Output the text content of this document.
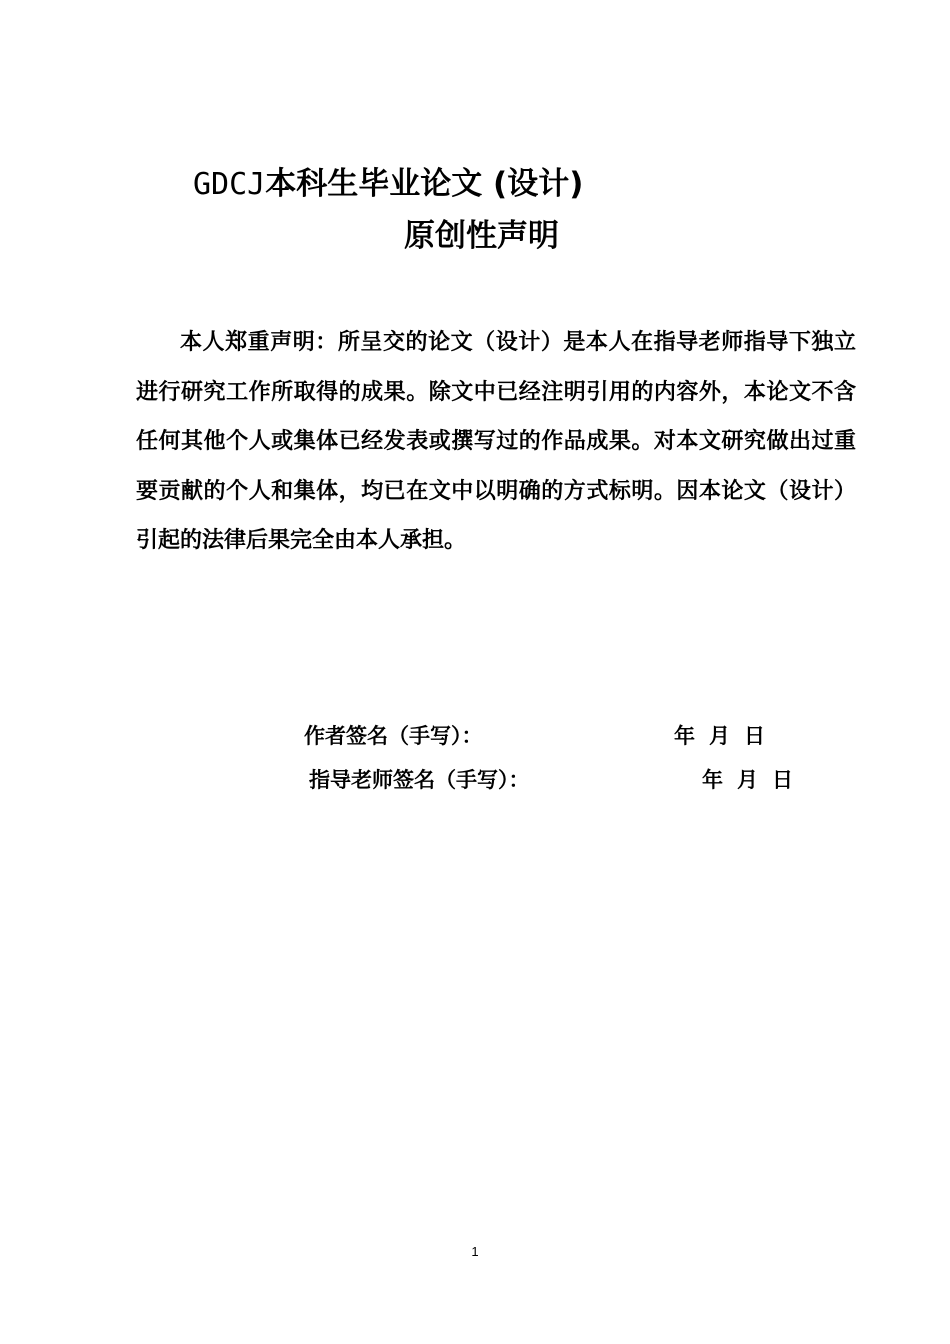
GDCJ本科生毕业论文 (设计)
原创性声明
本人郑重声明：所呈交的论文（设计）是本人在指导老师指导下独立进行研究工作所取得的成果。除文中已经注明引用的内容外，本论文不含任何其他个人或集体已经发表或撰写过的作品成果。对本文研究做出过重要贡献的个人和集体，均已在文中以明确的方式标明。因本论文（设计）引起的法律后果完全由本人承担。
作者签名（手写）：	年 月 日
指导老师签名（手写）：	年 月 日
1
